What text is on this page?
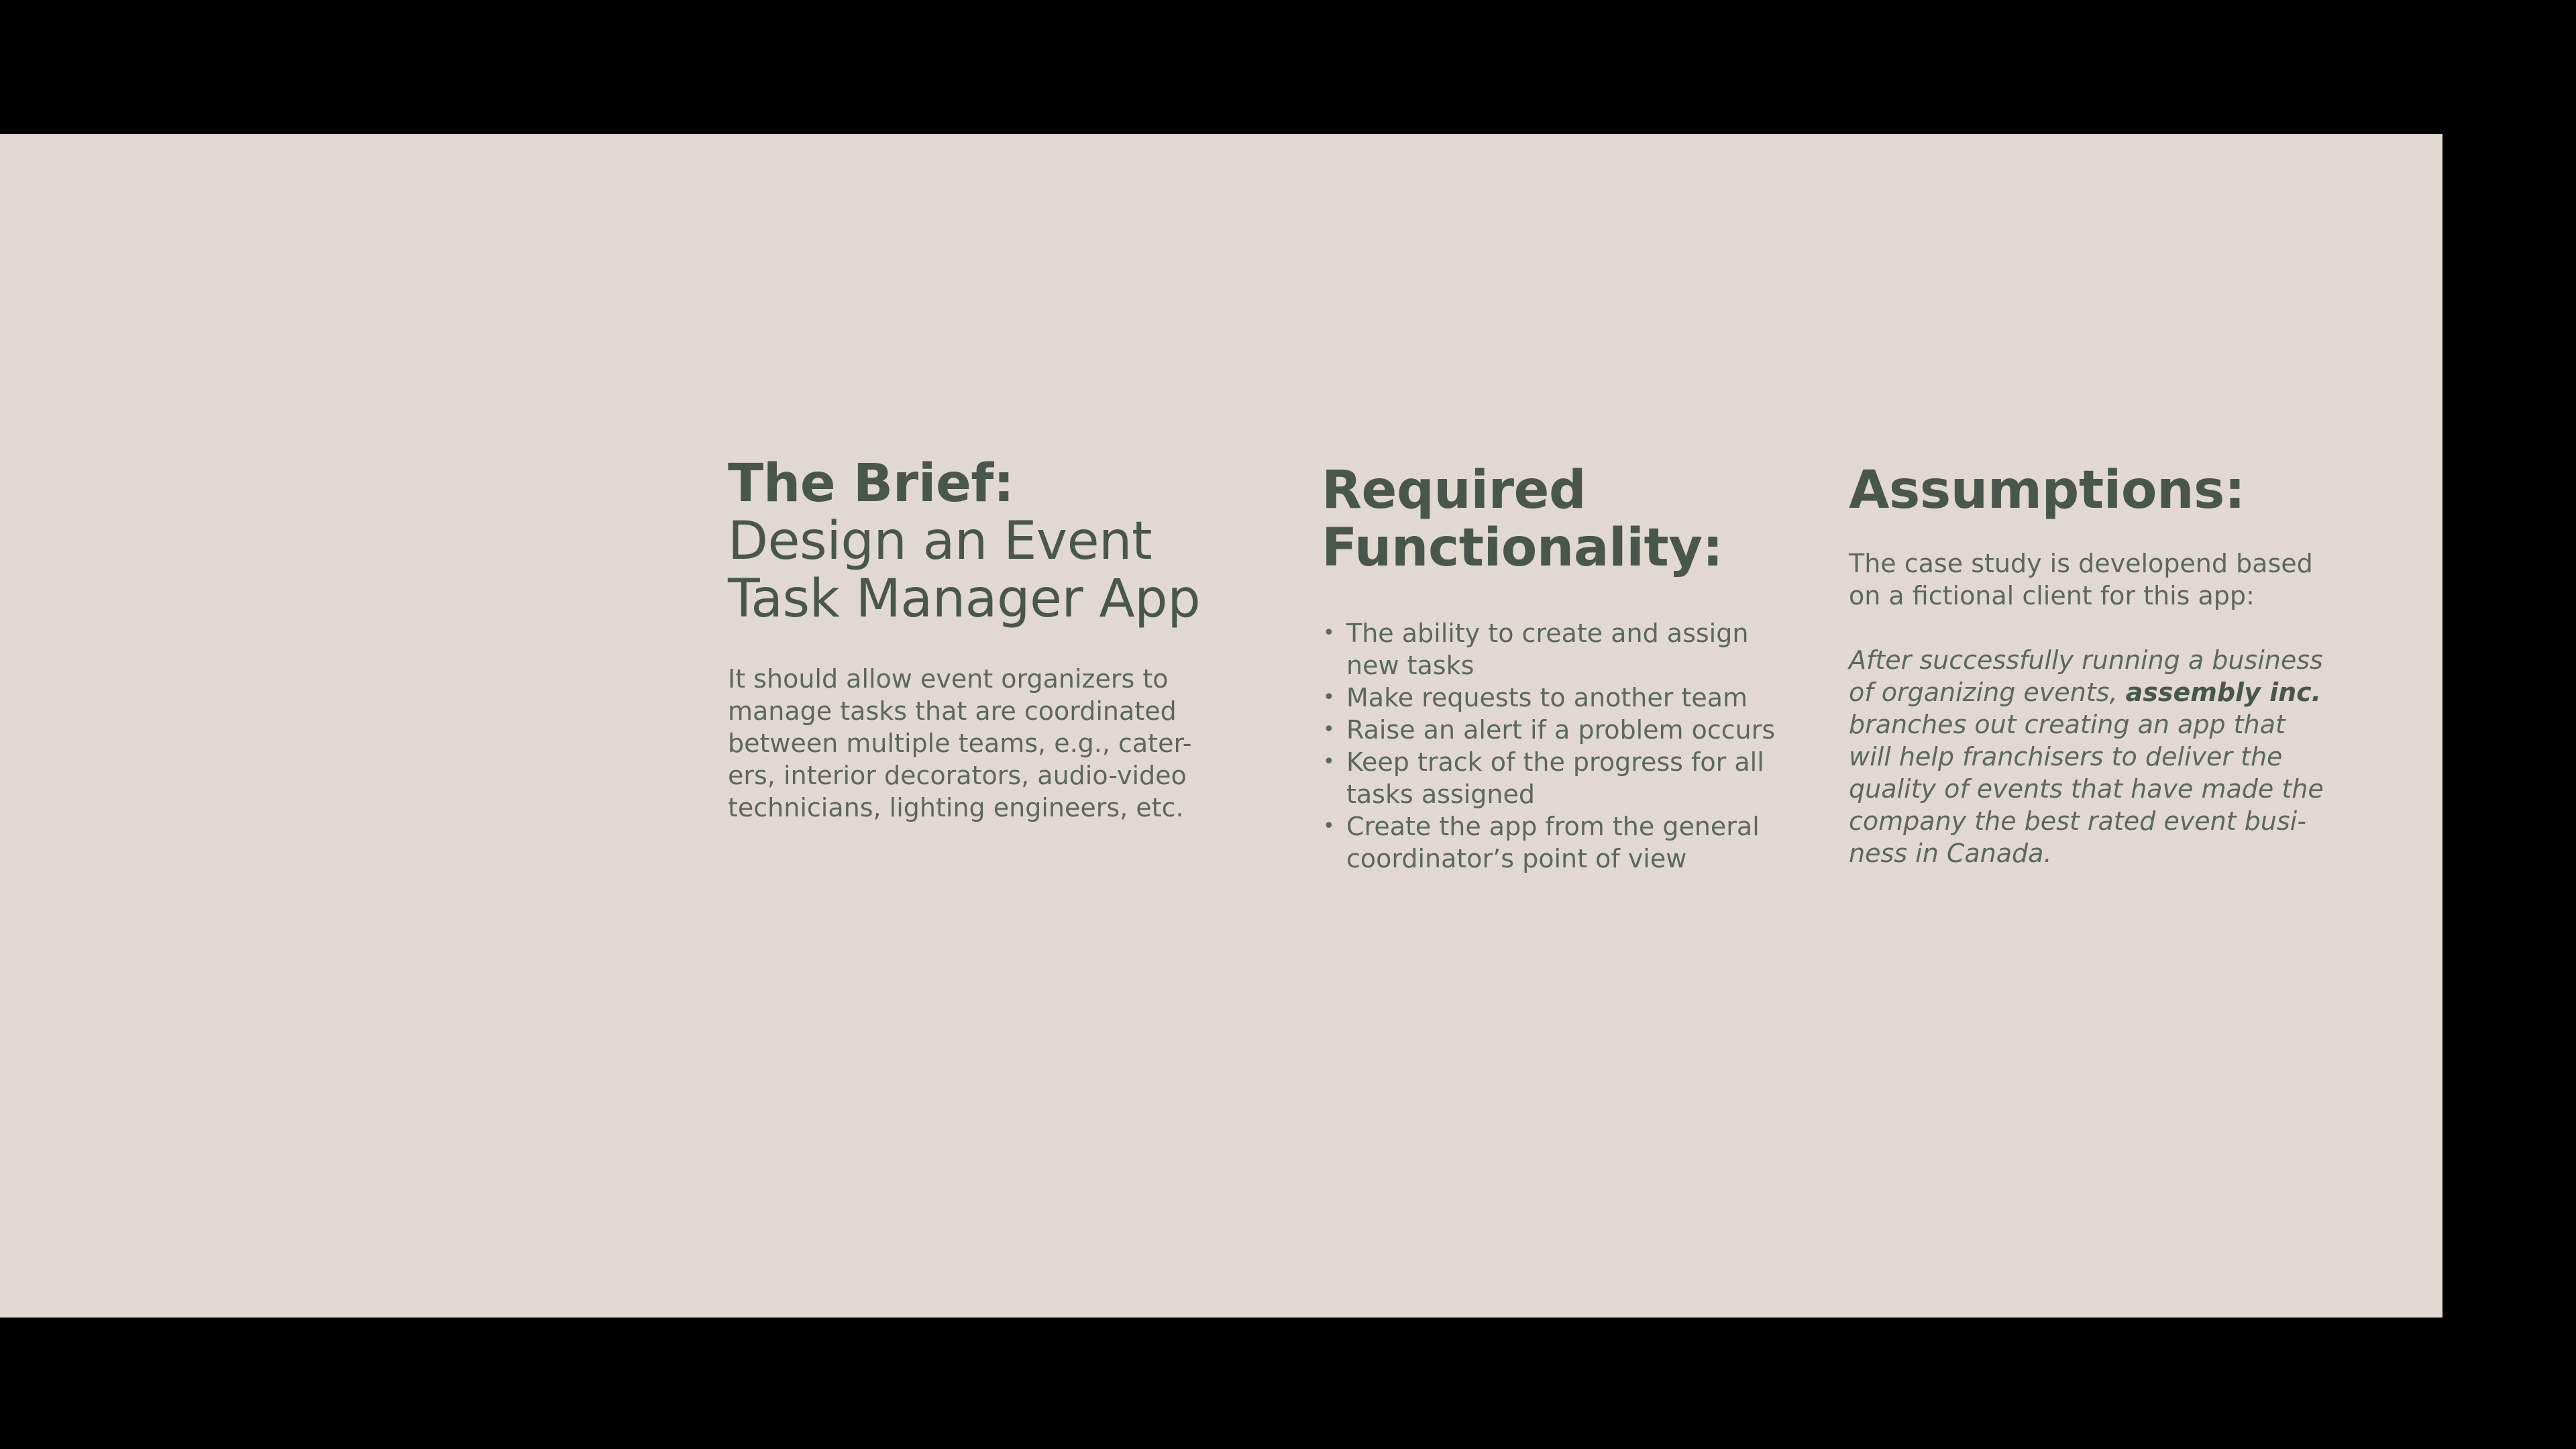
The Brief:
Design an Event
Task Manager App

It should allow event organizers to
manage tasks that are coordinated
between multiple teams, e.g., cater-
ers, interior decorators, audio-video
technicians, lighting engineers, etc.

Required
Functionality:
• The ability to create and assign
new tasks
• Make requests to another team
• Raise an alert if a problem occurs
• Keep track of the progress for all
tasks assigned
• Create the app from the general
coordinator’s point of view
Assumptions:

The case study is developend based
on a fictional client for this app:

After successfully running a business
of organizing events, assembly inc.
branches out creating an app that
will help franchisers to deliver the
quality of events that have made the
company the best rated event busi-
ness in Canada.
